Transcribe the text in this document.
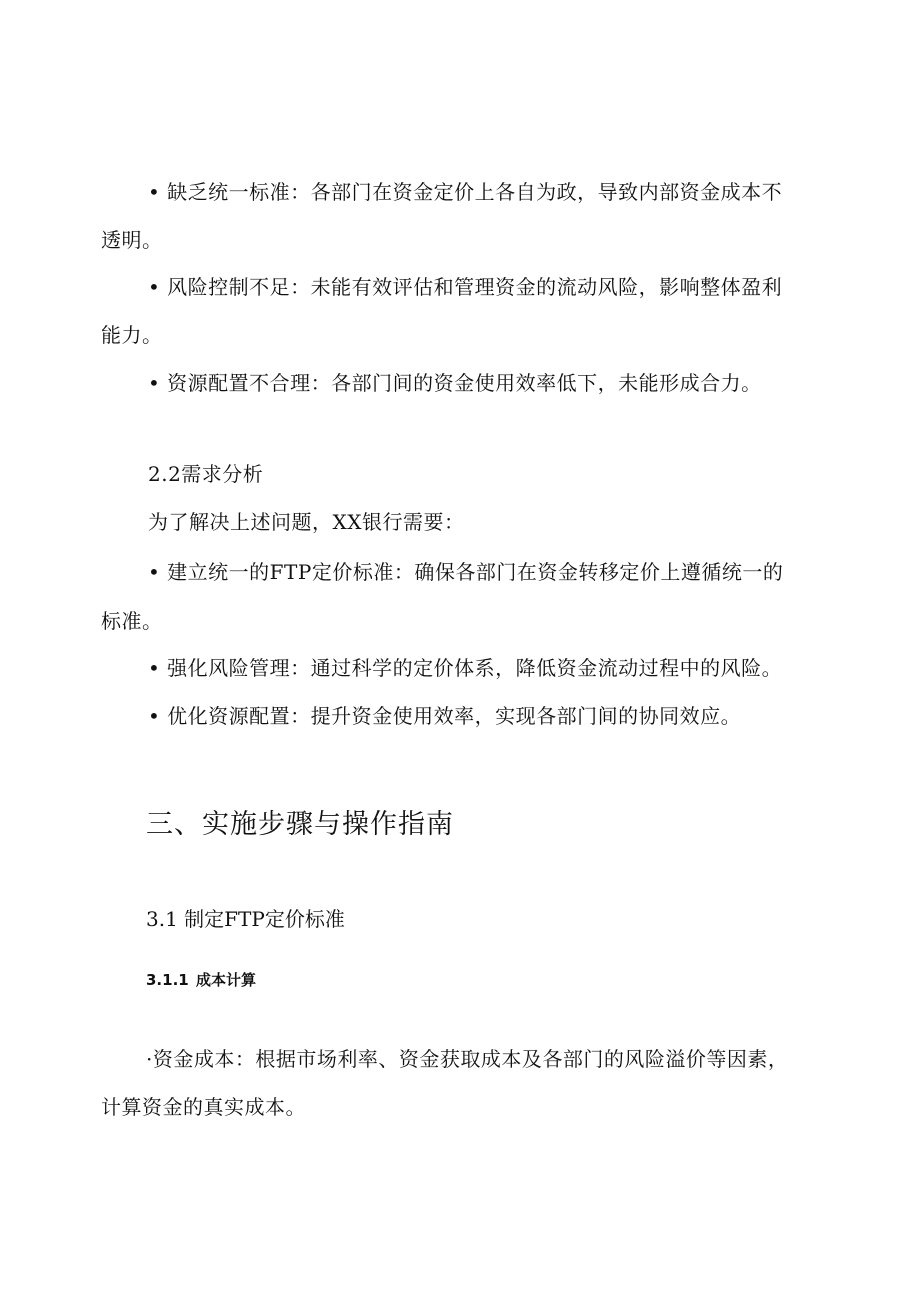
• 缺乏统一标准：各部门在资金定价上各自为政，导致内部资金成本不
透明。
• 风险控制不足：未能有效评估和管理资金的流动风险，影响整体盈利
能力。
• 资源配置不合理：各部门间的资金使用效率低下，未能形成合力。
2.2需求分析
为了解决上述问题，XX银行需要：
• 建立统一的FTP定价标准：确保各部门在资金转移定价上遵循统一的
标准。
• 强化风险管理：通过科学的定价体系，降低资金流动过程中的风险。
• 优化资源配置：提升资金使用效率，实现各部门间的协同效应。
三、实施步骤与操作指南
3.1 制定FTP定价标准
3.1.1 成本计算
·资金成本：根据市场利率、资金获取成本及各部门的风险溢价等因素，
计算资金的真实成本。
